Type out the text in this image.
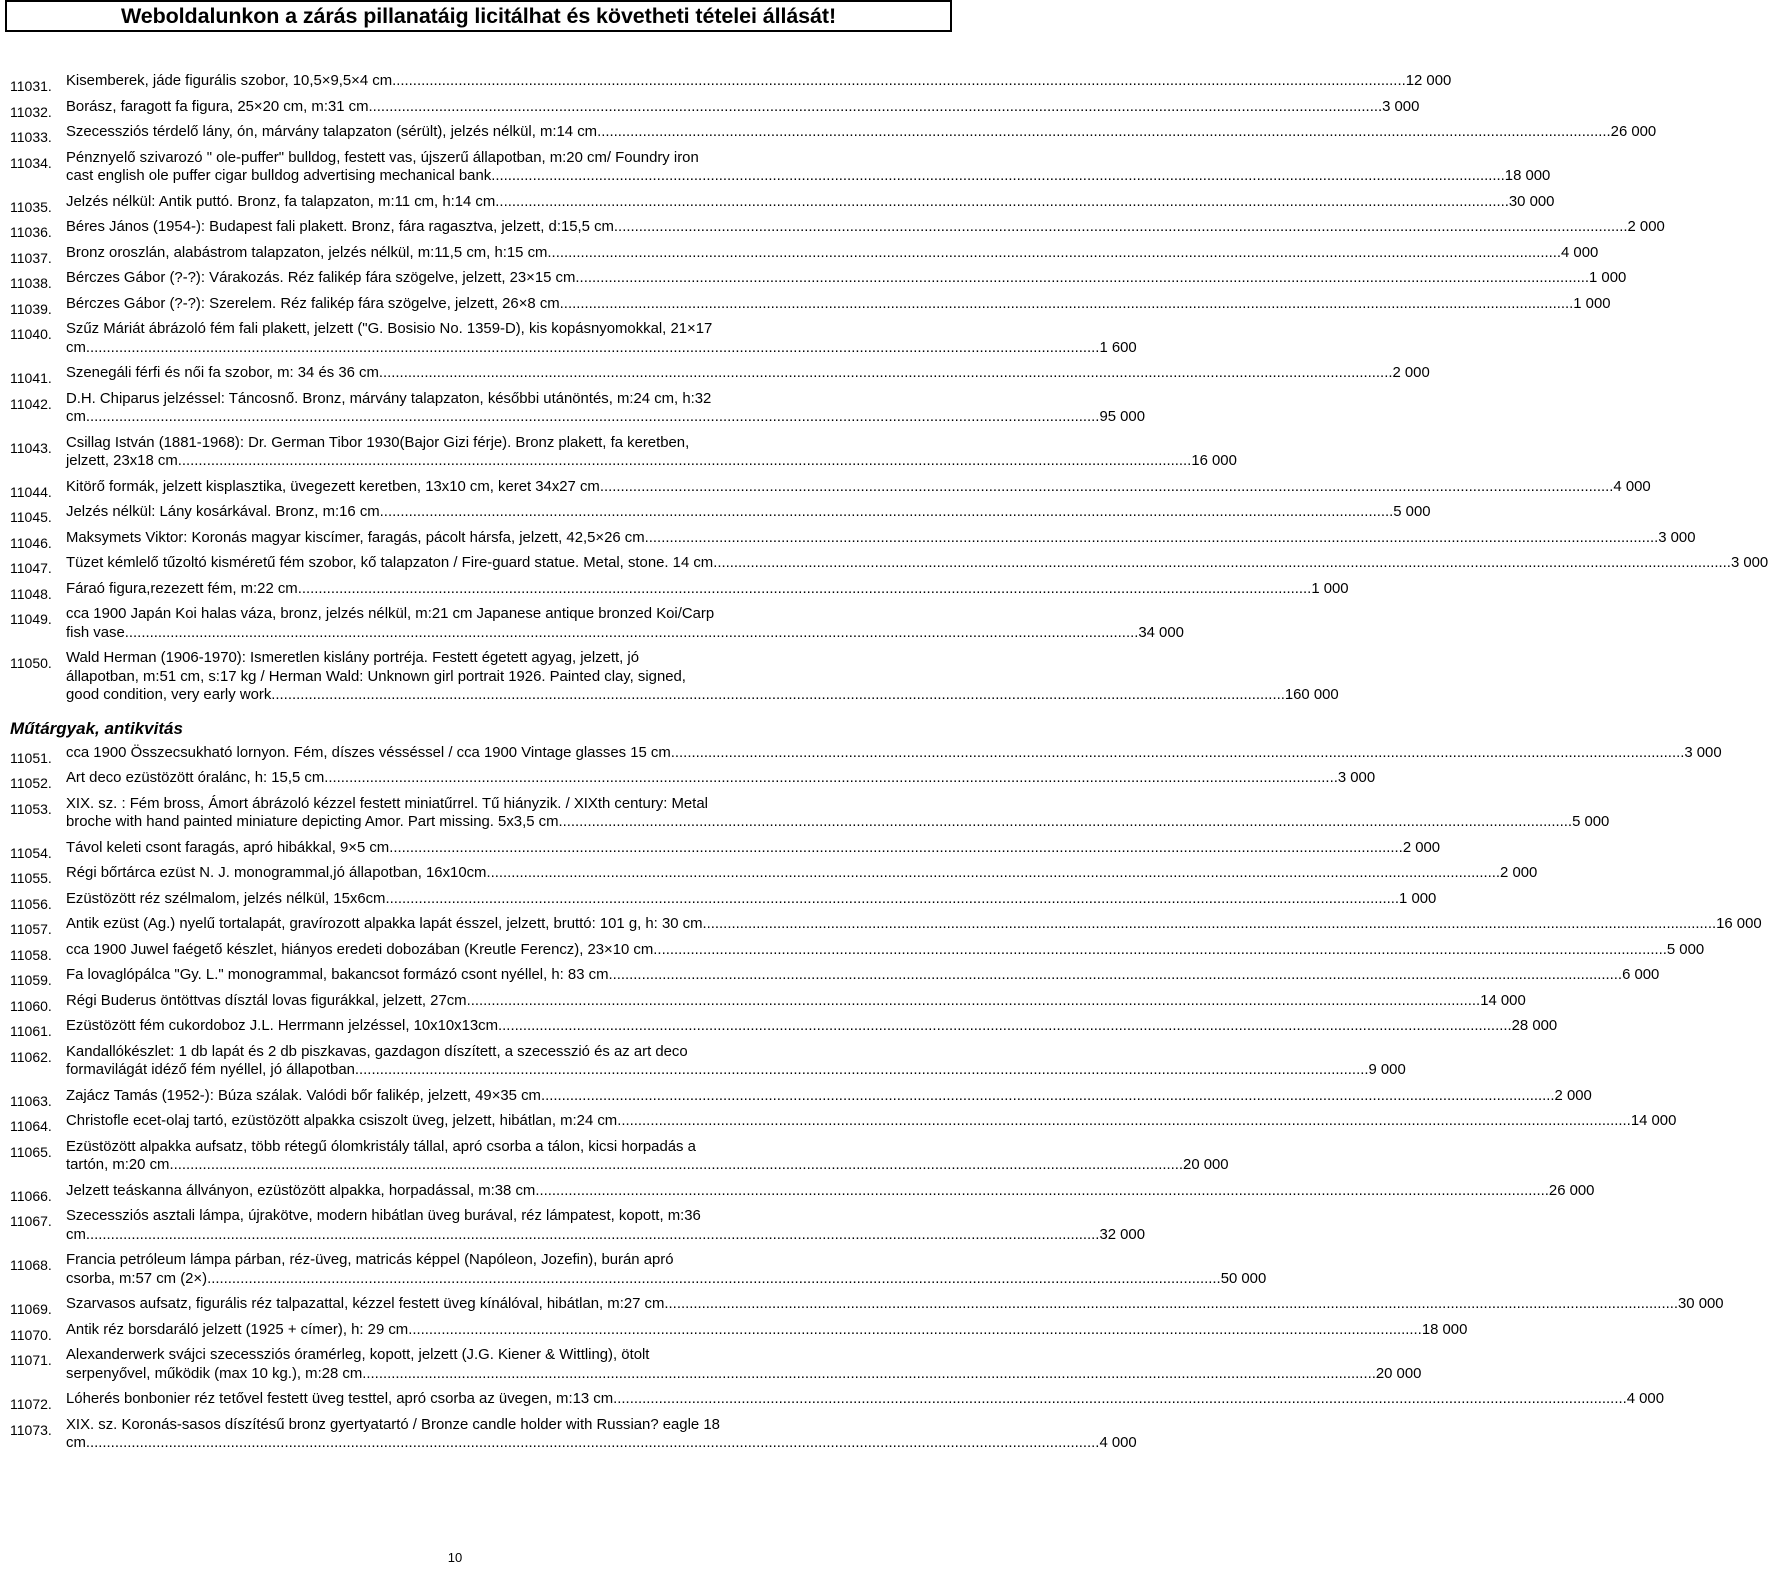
Weboldalunkon a zárás pillanatáig licitálhat és követheti tételei állását!
11031. Kisemberek, jáde figurális szobor, 10,5×9,5×4 cm .....	12 000
11032. Borász, faragott fa figura, 25×20 cm, m:31 cm .....	3 000
11033. Szecessziós térdelő lány, ón, márvány talapzaton (sérült), jelzés nélkül, m:14 cm .....	26 000
11034. Pénznyelő szivarozó " ole-puffer" bulldog, festett vas, újszerű állapotban, m:20 cm/ Foundry iron
cast english ole puffer cigar bulldog advertising mechanical bank .....	18 000
11035. Jelzés nélkül: Antik puttó. Bronz, fa talapzaton, m:11 cm, h:14 cm .....	30 000
11036. Béres János (1954-): Budapest fali plakett. Bronz, fára ragasztva, jelzett, d:15,5 cm .....	2 000
11037. Bronz oroszlán, alabástrom talapzaton, jelzés nélkül, m:11,5 cm, h:15 cm .....	4 000
11038. Bérczes Gábor (?-?): Várakozás. Réz falikép fára szögelve, jelzett, 23×15 cm .....	1 000
11039. Bérczes Gábor (?-?): Szerelem. Réz falikép fára szögelve, jelzett, 26×8 cm .....	1 000
11040. Szűz Máriát ábrázoló fém fali plakett, jelzett ("G. Bosisio No. 1359-D), kis kopásnyomokkal, 21×17
cm .....	1 600
11041. Szenegáli férfi és női fa szobor, m: 34 és 36 cm .....	2 000
11042. D.H. Chiparus jelzéssel: Táncosnő. Bronz, márvány talapzaton, későbbi utánöntés, m:24 cm, h:32
cm .....	95 000
11043. Csillag István (1881-1968): Dr. German Tibor 1930(Bajor Gizi férje). Bronz plakett, fa keretben,
jelzett, 23x18 cm .....	16 000
11044. Kitörő formák, jelzett kisplasztika, üvegezett keretben, 13x10 cm, keret 34x27 cm .....	4 000
11045. Jelzés nélkül: Lány kosárkával. Bronz, m:16 cm .....	5 000
11046. Maksymets Viktor: Koronás magyar kiscímer, faragás, pácolt hársfa, jelzett, 42,5×26 cm .....	3 000
11047. Tüzet kémlelő tűzoltó kisméretű fém szobor, kő talapzaton / Fire-guard statue. Metal, stone. 14 cm. .....	3 000
11048. Fáraó figura,rezezett fém, m:22 cm .....	1 000
11049. cca 1900 Japán Koi halas váza, bronz, jelzés nélkül, m:21 cm Japanese antique bronzed Koi/Carp
fish vase .....	34 000
11050. Wald Herman (1906-1970): Ismeretlen kislány portréja. Festett égetett agyag, jelzett, jó
állapotban, m:51 cm, s:17 kg / Herman Wald: Unknown girl portrait 1926. Painted clay, signed,
good condition, very early work .....	160 000
Műtárgyak, antikvitás
11051. cca 1900 Összecsukható lornyon. Fém, díszes vésséssel / cca 1900 Vintage glasses 15 cm .....	3 000
11052. Art deco ezüstözött óralánc, h: 15,5 cm .....	3 000
11053. XIX. sz. : Fém bross, Ámort ábrázoló kézzel festett miniatűrrel. Tű hiányzik. / XIXth century: Metal
broche with hand painted miniature depicting Amor. Part missing. 5x3,5 cm .....	5 000
11054. Távol keleti csont faragás, apró hibákkal, 9×5 cm .....	2 000
11055. Régi bőrtárca ezüst N. J. monogrammal,jó állapotban, 16x10cm .....	2 000
11056. Ezüstözött réz szélmalom, jelzés nélkül, 15x6cm .....	1 000
11057. Antik ezüst (Ag.) nyelű tortalapát, gravírozott alpakka lapát ésszel, jelzett, bruttó: 101 g, h: 30 cm .....	16 000
11058. cca 1900 Juwel faégető készlet, hiányos eredeti dobozában (Kreutle Ferencz), 23×10 cm .....	5 000
11059. Fa lovaglópálca "Gy. L." monogrammal, bakancsot formázó csont nyéllel, h: 83 cm .....	6 000
11060. Régi Buderus öntöttvas dísztál lovas figurákkal, jelzett, 27cm .....	14 000
11061. Ezüstözött fém cukordoboz J.L. Herrmann jelzéssel, 10x10x13cm .....	28 000
11062. Kandallókészlet: 1 db lapát és 2 db piszkavas, gazdagon díszített, a szecesszió és az art deco
formavilágát idéző fém nyéllel, jó állapotban .....	9 000
11063. Zajácz Tamás (1952-): Búza szálak. Valódi bőr falikép, jelzett, 49×35 cm .....	2 000
11064. Christofle ecet-olaj tartó, ezüstözött alpakka csiszolt üveg, jelzett, hibátlan, m:24 cm .....	14 000
11065. Ezüstözött alpakka aufsatz, több rétegű ólomkristály tállal, apró csorba a tálon, kicsi horpadás a
tartón, m:20 cm .....	20 000
11066. Jelzett teáskanna állványon, ezüstözött alpakka, horpadással, m:38 cm .....	26 000
11067. Szecessziós asztali lámpa, újrakötve, modern hibátlan üveg burával, réz lámpatest, kopott, m:36
cm .....	32 000
11068. Francia petróleum lámpa párban, réz-üveg, matricás képpel (Napóleon, Jozefin), burán apró
csorba, m:57 cm (2×) .....	50 000
11069. Szarvasos aufsatz, figurális réz talpazattal, kézzel festett üveg kínálóval, hibátlan, m:27 cm .....	30 000
11070. Antik réz borsdaráló jelzett (1925 + címer), h: 29 cm .....	18 000
11071. Alexanderwerk svájci szecessziós óramérleg, kopott, jelzett (J.G. Kiener & Wittling), ötolt
serpenyővel, működik (max 10 kg.), m:28 cm .....	20 000
11072. Lóherés bonbonier réz tetővel festett üveg testtel, apró csorba az üvegen, m:13 cm .....	4 000
11073. XIX. sz. Koronás-sasos díszítésű bronz gyertyatartó / Bronze candle holder with Russian? eagle 18
cm .....	4 000
10
